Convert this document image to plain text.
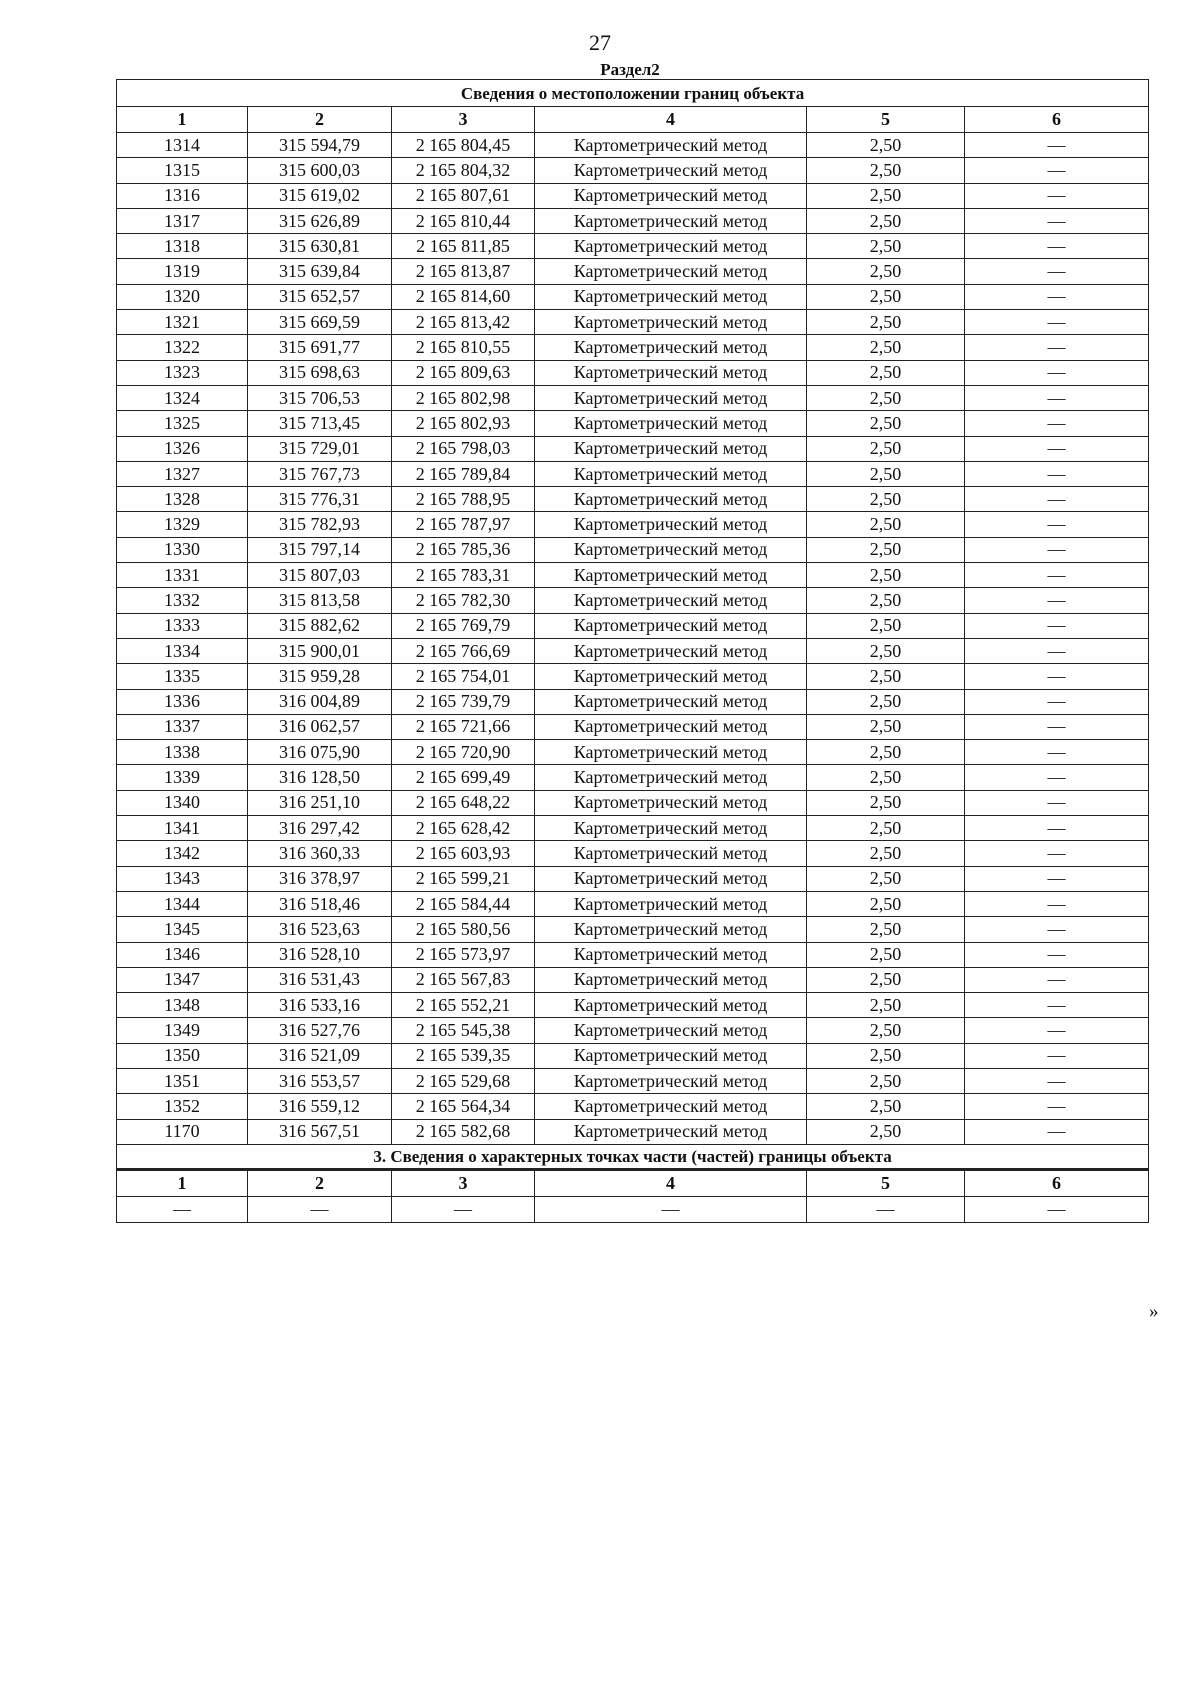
27
Раздел2
Сведения о местоположении границ объекта					
1	2	3	4	5	6
1314	315 594,79	2 165 804,45	Картометрический метод	2,50	—
1315	315 600,03	2 165 804,32	Картометрический метод	2,50	—
1316	315 619,02	2 165 807,61	Картометрический метод	2,50	—
1317	315 626,89	2 165 810,44	Картометрический метод	2,50	—
1318	315 630,81	2 165 811,85	Картометрический метод	2,50	—
1319	315 639,84	2 165 813,87	Картометрический метод	2,50	—
1320	315 652,57	2 165 814,60	Картометрический метод	2,50	—
1321	315 669,59	2 165 813,42	Картометрический метод	2,50	—
1322	315 691,77	2 165 810,55	Картометрический метод	2,50	—
1323	315 698,63	2 165 809,63	Картометрический метод	2,50	—
1324	315 706,53	2 165 802,98	Картометрический метод	2,50	—
1325	315 713,45	2 165 802,93	Картометрический метод	2,50	—
1326	315 729,01	2 165 798,03	Картометрический метод	2,50	—
1327	315 767,73	2 165 789,84	Картометрический метод	2,50	—
1328	315 776,31	2 165 788,95	Картометрический метод	2,50	—
1329	315 782,93	2 165 787,97	Картометрический метод	2,50	—
1330	315 797,14	2 165 785,36	Картометрический метод	2,50	—
1331	315 807,03	2 165 783,31	Картометрический метод	2,50	—
1332	315 813,58	2 165 782,30	Картометрический метод	2,50	—
1333	315 882,62	2 165 769,79	Картометрический метод	2,50	—
1334	315 900,01	2 165 766,69	Картометрический метод	2,50	—
1335	315 959,28	2 165 754,01	Картометрический метод	2,50	—
1336	316 004,89	2 165 739,79	Картометрический метод	2,50	—
1337	316 062,57	2 165 721,66	Картометрический метод	2,50	—
1338	316 075,90	2 165 720,90	Картометрический метод	2,50	—
1339	316 128,50	2 165 699,49	Картометрический метод	2,50	—
1340	316 251,10	2 165 648,22	Картометрический метод	2,50	—
1341	316 297,42	2 165 628,42	Картометрический метод	2,50	—
1342	316 360,33	2 165 603,93	Картометрический метод	2,50	—
1343	316 378,97	2 165 599,21	Картометрический метод	2,50	—
1344	316 518,46	2 165 584,44	Картометрический метод	2,50	—
1345	316 523,63	2 165 580,56	Картометрический метод	2,50	—
1346	316 528,10	2 165 573,97	Картометрический метод	2,50	—
1347	316 531,43	2 165 567,83	Картометрический метод	2,50	—
1348	316 533,16	2 165 552,21	Картометрический метод	2,50	—
1349	316 527,76	2 165 545,38	Картометрический метод	2,50	—
1350	316 521,09	2 165 539,35	Картометрический метод	2,50	—
1351	316 553,57	2 165 529,68	Картометрический метод	2,50	—
1352	316 559,12	2 165 564,34	Картометрический метод	2,50	—
1170	316 567,51	2 165 582,68	Картометрический метод	2,50	—
3. Сведения о характерных точках части (частей) границы объекта					
1	2	3	4	5	6
—	—	—	—	—	—
»
